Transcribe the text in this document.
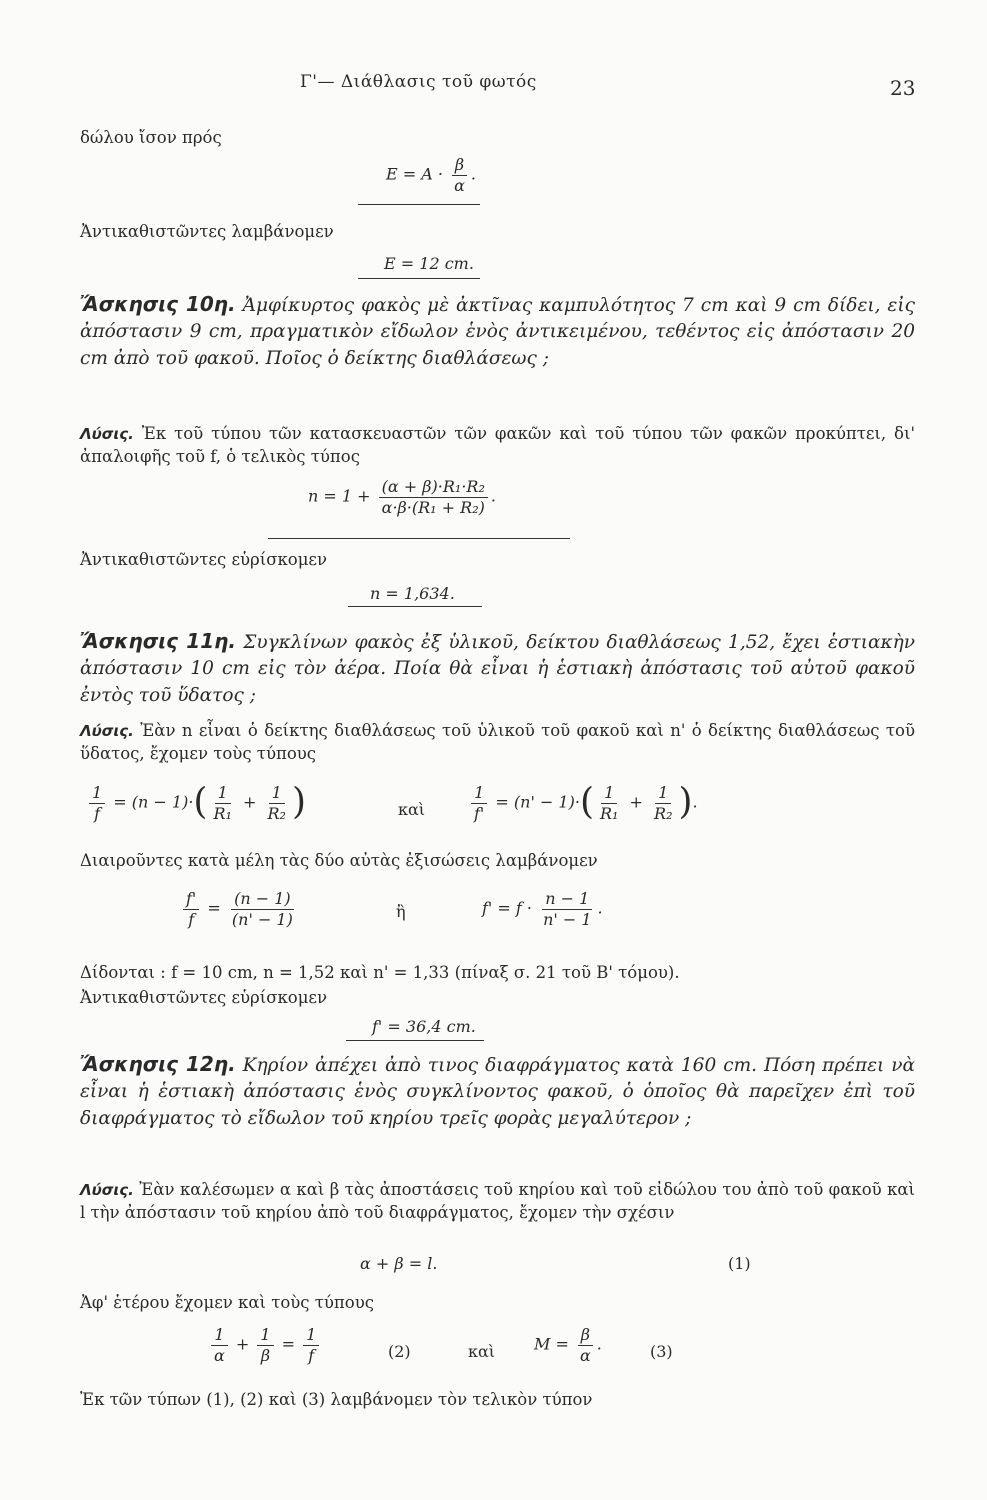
Γ'— Διάθλασις τοῦ φωτός	23
δώλου ἴσον πρός
$E = A \cdot \frac{\beta}{\alpha}$ .
Ἀντικαθιστῶντες λαμβάνομεν
E = 12 cm.
Ἄσκησις 10η. Ἀμφίκυρτος φακὸς μὲ ἀκτῖνας καμπυλότητος 7 cm καὶ 9 cm δίδει, εἰς ἀπόστασιν 9 cm, πραγματικὸν εἴδωλον ἑνὸς ἀντικειμένου, τεθέντος εἰς ἀπόστασιν 20 cm ἀπὸ τοῦ φακοῦ. Ποῖος ὁ δείκτης διαθλάσεως ;
Λύσις. Ἐκ τοῦ τύπου τῶν κατασκευαστῶν τῶν φακῶν καὶ τοῦ τύπου τῶν φακῶν προκύπτει, δι' ἀπαλοιφῆς τοῦ f, ὁ τελικὸς τύπος
$n = 1 + \frac{\text{(α + β)·R₁·R₂}}{\text{α·β·(R₁ + R₂)}}$ .
Ἀντικαθιστῶντες εὑρίσκομεν
n = 1,634.
Ἄσκησις 11η. Συγκλίνων φακὸς ἐξ ὑλικοῦ, δείκτου διαθλάσεως 1,52, ἔχει ἑστιακὴν ἀπόστασιν 10 cm εἰς τὸν ἀέρα. Ποία θὰ εἶναι ἡ ἑστιακὴ ἀπόστασις τοῦ αὐτοῦ φακοῦ ἐντὸς τοῦ ὕδατος ;
Λύσις. Ἐὰν n εἶναι ὁ δείκτης διαθλάσεως τοῦ ὑλικοῦ τοῦ φακοῦ καὶ n' ὁ δείκτης διαθλάσεως τοῦ ὕδατος, ἔχομεν τοὺς τύπους
$\frac{1}{f} = (n - 1)\cdot( \frac{1}{\text{R₁}} + \frac{1}{\text{R₂}}$ )	καὶ	$\frac{1}{f'} = (n' - 1)\cdot( \frac{1}{\text{R₁}} + \frac{1}{\text{R₂}}$ ).
Διαιροῦντες κατὰ μέλη τὰς δύο αὐτὰς ἐξισώσεις λαμβάνομεν
$\frac{f'}{f} = \frac{(n - 1)}{(n' - 1)}$	ἢ	$f' = f \cdot \frac{n - 1}{n' - 1}$ .
Δίδονται : f = 10 cm, n = 1,52 καὶ n' = 1,33 (πίναξ σ. 21 τοῦ Β' τόμου).
Ἀντικαθιστῶντες εὑρίσκομεν
f' = 36,4 cm.
Ἄσκησις 12η. Κηρίον ἀπέχει ἀπὸ τινος διαφράγματος κατὰ 160 cm. Πόση πρέπει νὰ εἶναι ἡ ἑστιακὴ ἀπόστασις ἑνὸς συγκλίνοντος φακοῦ, ὁ ὁποῖος θὰ παρεῖχεν ἐπὶ τοῦ διαφράγματος τὸ εἴδωλον τοῦ κηρίου τρεῖς φορὰς μεγαλύτερον ;
Λύσις. Ἐὰν καλέσωμεν α καὶ β τὰς ἀποστάσεις τοῦ κηρίου καὶ τοῦ εἰδώλου του ἀπὸ τοῦ φακοῦ καὶ l τὴν ἀπόστασιν τοῦ κηρίου ἀπὸ τοῦ διαφράγματος, ἔχομεν τὴν σχέσιν
α + β = l.	(1)
Ἀφ' ἑτέρου ἔχομεν καὶ τοὺς τύπους
$\frac{1}{\alpha} + \frac{1}{\beta} = \frac{1}{f}$	(2)	καὶ $M = \frac{\beta}{\alpha}$ .	(3)
Ἐκ τῶν τύπων (1), (2) καὶ (3) λαμβάνομεν τὸν τελικὸν τύπον
